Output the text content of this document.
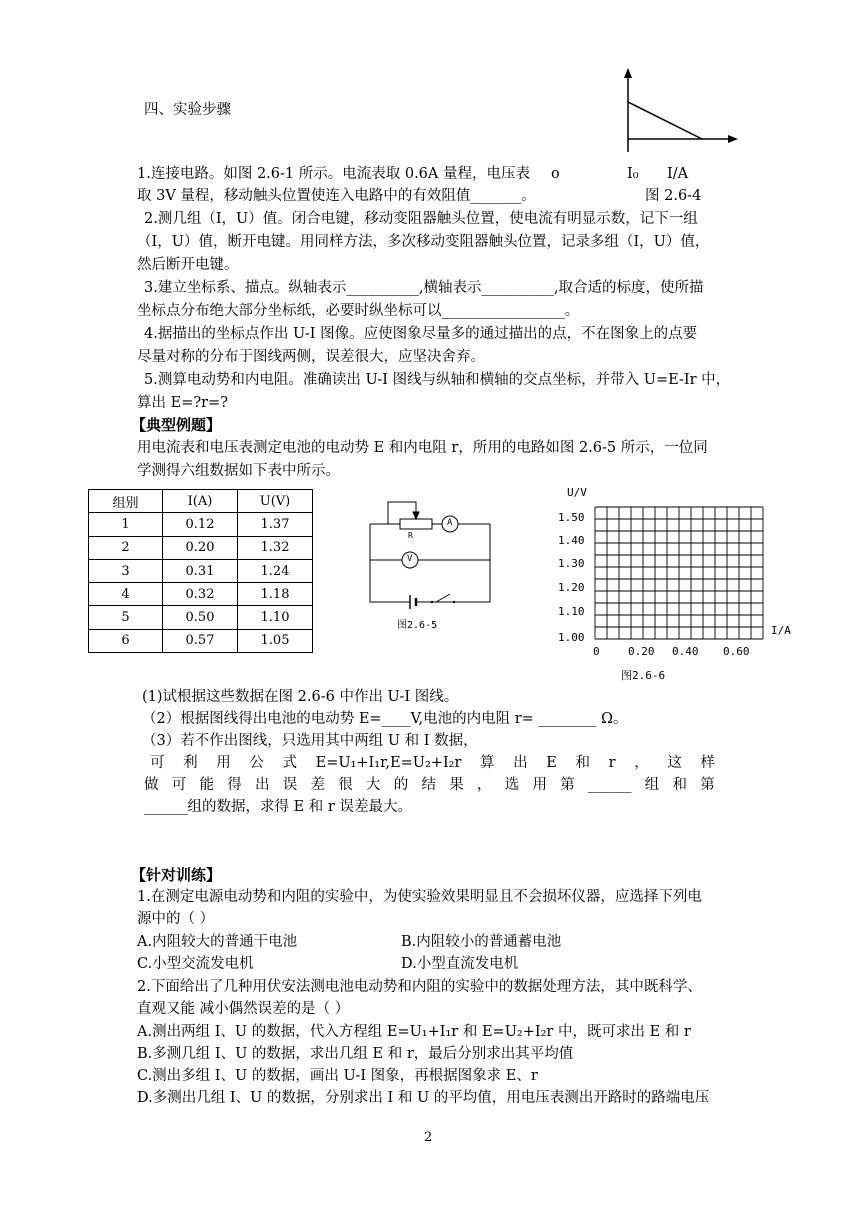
四、实验步骤
1.连接电路。如图 2.6-1 所示。电流表取 0.6A 量程，电压表 o	I₀ I/A
取 3V 量程，移动触头位置使连入电路中的有效阻值_______。	图 2.6-4
2.测几组（I，U）值。闭合电键，移动变阻器触头位置，使电流有明显示数，记下一组
（I，U）值，断开电键。用同样方法，多次移动变阻器触头位置，记录多组（I，U）值，
然后断开电键。
3.建立坐标系、描点。纵轴表示__________,横轴表示__________,取合适的标度，使所描
坐标点分布绝大部分坐标纸，必要时纵坐标可以_________________。
4.据描出的坐标点作出 U-I 图像。应使图象尽量多的通过描出的点，不在图象上的点要
尽量对称的分布于图线两侧，误差很大，应坚决舍弃。
5.测算电动势和内电阻。准确读出 U-I 图线与纵轴和横轴的交点坐标，并带入 U=E-Ir 中，
算出 E=?r=?
【典型例题】
用电流表和电压表测定电池的电动势 E 和内电阻 r，所用的电路如图 2.6-5 所示，一位同
学测得六组数据如下表中所示。
组别	I(A)	U(V)
1	0.12	1.37
2	0.20	1.32
3	0.31	1.24
4	0.32	1.18
5	0.50	1.10
6	0.57	1.05
R
A
V
图2.6-5
U/V
1.50
1.40
1.30
1.20
1.10
1.00
0	0.20 0.40 0.60
I/A
图2.6-6
(1)试根据这些数据在图 2.6-6 中作出 U-I 图线。
（2）根据图线得出电池的电动势 E=____V,电池的内电阻 r= ________ Ω。
（3）若不作出图线，只选用其中两组 U 和 I 数据，
可 利 用 公 式 E=U₁+I₁r,E=U₂+I₂r 算 出 E 和 r ， 这 样
做 可 能 得 出 误 差 很 大 的 结 果 ， 选 用 第 ______ 组 和 第
______组的数据，求得 E 和 r 误差最大。
【针对训练】
1.在测定电源电动势和内阻的实验中，为使实验效果明显且不会损坏仪器，应选择下列电
源中的（ ）
A.内阻较大的普通干电池	B.内阻较小的普通蓄电池
C.小型交流发电机	D.小型直流发电机
2.下面给出了几种用伏安法测电池电动势和内阻的实验中的数据处理方法，其中既科学、
直观又能 减小偶然误差的是（ ）
A.测出两组 I、U 的数据，代入方程组 E=U₁+I₁r 和 E=U₂+I₂r 中，既可求出 E 和 r
B.多测几组 I、U 的数据，求出几组 E 和 r，最后分别求出其平均值
C.测出多组 I、U 的数据，画出 U-I 图象，再根据图象求 E、r
D.多测出几组 I、U 的数据，分别求出 I 和 U 的平均值，用电压表测出开路时的路端电压
2
